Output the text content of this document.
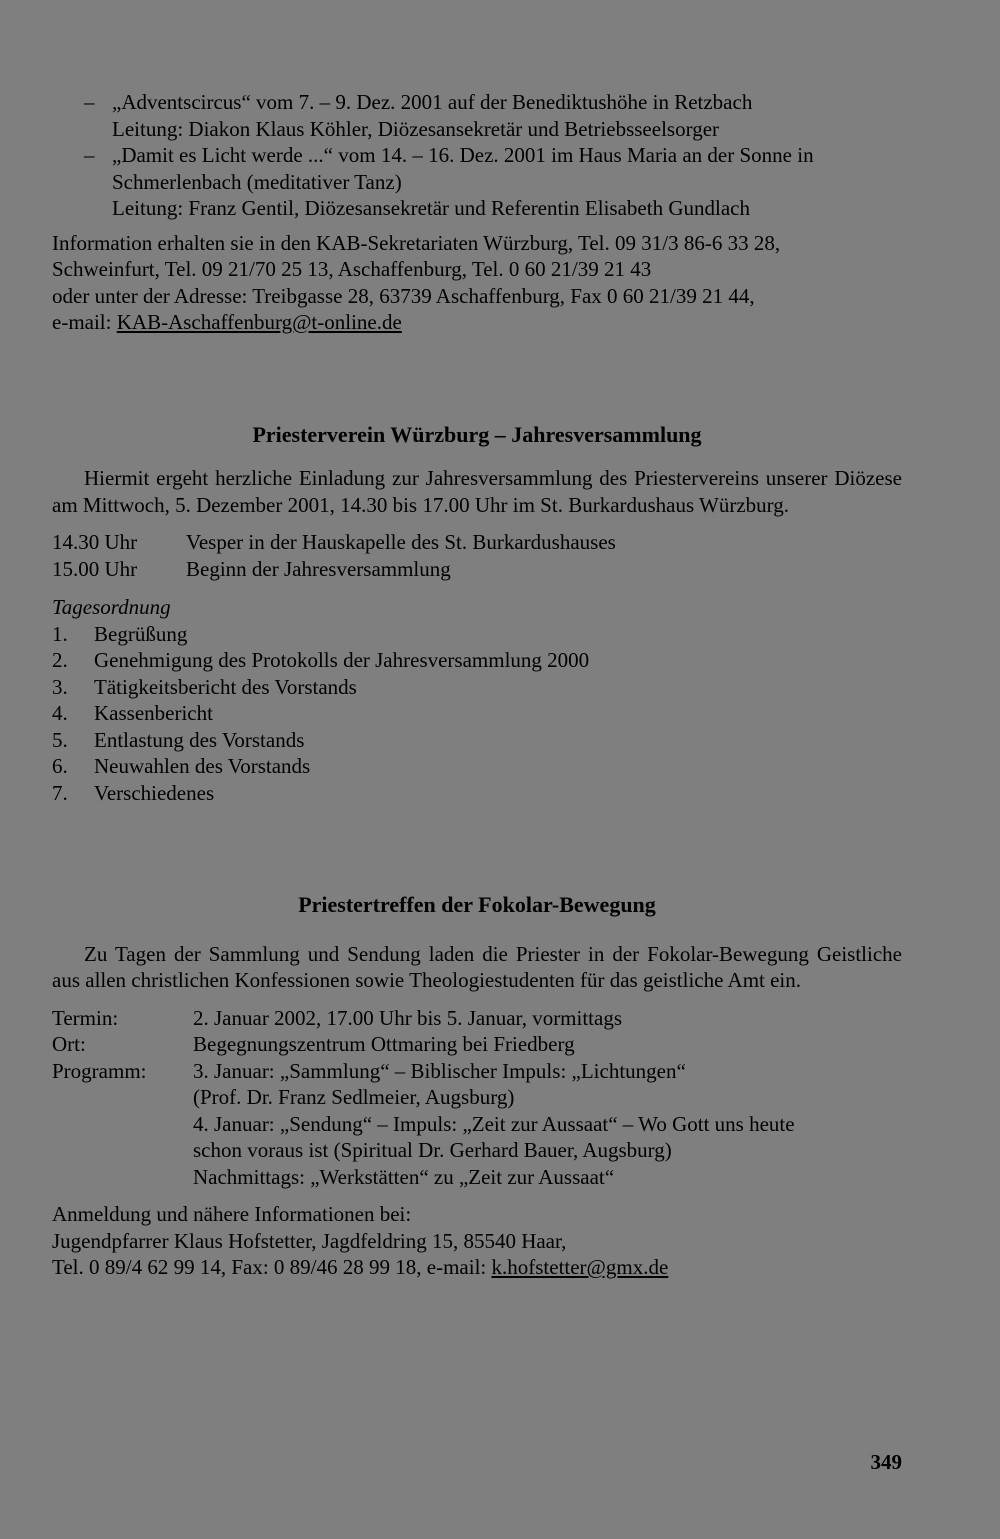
– „Adventscircus“ vom 7. – 9. Dez. 2001 auf der Benediktushöhe in Retzbach
Leitung: Diakon Klaus Köhler, Diözesansekretär und Betriebsseelsorger
– „Damit es Licht werde ...“ vom 14. – 16. Dez. 2001 im Haus Maria an der Sonne in
Schmerlenbach (meditativer Tanz)
Leitung: Franz Gentil, Diözesansekretär und Referentin Elisabeth Gundlach
Information erhalten sie in den KAB-Sekretariaten Würzburg, Tel. 09 31/3 86-6 33 28,
Schweinfurt, Tel. 09 21/70 25 13, Aschaffenburg, Tel. 0 60 21/39 21 43
oder unter der Adresse: Treibgasse 28, 63739 Aschaffenburg, Fax 0 60 21/39 21 44,
e-mail: KAB-Aschaffenburg@t-online.de
Priesterverein Würzburg – Jahresversammlung

Hiermit ergeht herzliche Einladung zur Jahresversammlung des Priestervereins unserer Diözese am Mittwoch, 5. Dezember 2001, 14.30 bis 17.00 Uhr im St. Burkardushaus Würzburg.

14.30 Uhr	Vesper in der Hauskapelle des St. Burkardushauses
15.00 Uhr	Beginn der Jahresversammlung
Tagesordnung
1.	Begrüßung
2.	Genehmigung des Protokolls der Jahresversammlung 2000
3.	Tätigkeitsbericht des Vorstands
4.	Kassenbericht
5.	Entlastung des Vorstands
6.	Neuwahlen des Vorstands
7.	Verschiedenes
Priestertreffen der Fokolar-Bewegung

Zu Tagen der Sammlung und Sendung laden die Priester in der Fokolar-Bewegung Geistliche aus allen christlichen Konfessionen sowie Theologiestudenten für das geistliche Amt ein.

Termin:	2. Januar 2002, 17.00 Uhr bis 5. Januar, vormittags
Ort:	Begegnungszentrum Ottmaring bei Friedberg
Programm:	3. Januar: „Sammlung“ – Biblischer Impuls: „Lichtungen“
(Prof. Dr. Franz Sedlmeier, Augsburg)
4. Januar: „Sendung“ – Impuls: „Zeit zur Aussaat“ – Wo Gott uns heute
schon voraus ist (Spiritual Dr. Gerhard Bauer, Augsburg)
Nachmittags: „Werkstätten“ zu „Zeit zur Aussaat“
Anmeldung und nähere Informationen bei:
Jugendpfarrer Klaus Hofstetter, Jagdfeldring 15, 85540 Haar,
Tel. 0 89/4 62 99 14, Fax: 0 89/46 28 99 18, e-mail: k.hofstetter@gmx.de
349
